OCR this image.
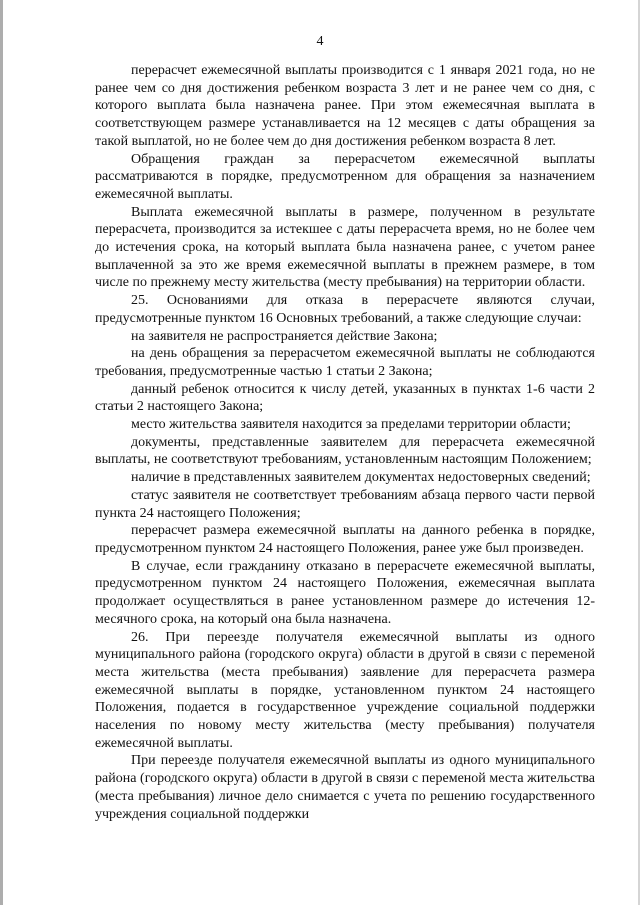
4

перерасчет ежемесячной выплаты производится с 1 января 2021 года, но не ранее чем со дня достижения ребенком возраста 3 лет и не ранее чем со дня, с которого выплата была назначена ранее. При этом ежемесячная выплата в соответствующем размере устанавливается на 12 месяцев с даты обращения за такой выплатой, но не более чем до дня достижения ребенком возраста 8 лет.

Обращения граждан за перерасчетом ежемесячной выплаты рассматриваются в порядке, предусмотренном для обращения за назначением ежемесячной выплаты.

Выплата ежемесячной выплаты в размере, полученном в результате перерасчета, производится за истекшее с даты перерасчета время, но не более чем до истечения срока, на который выплата была назначена ранее, с учетом ранее выплаченной за это же время ежемесячной выплаты в прежнем размере, в том числе по прежнему месту жительства (месту пребывания) на территории области.

25. Основаниями для отказа в перерасчете являются случаи, предусмотренные пунктом 16 Основных требований, а также следующие случаи:

на заявителя не распространяется действие Закона;

на день обращения за перерасчетом ежемесячной выплаты не соблюдаются требования, предусмотренные частью 1 статьи 2 Закона;

данный ребенок относится к числу детей, указанных в пунктах 1-6 части 2 статьи 2 настоящего Закона;

место жительства заявителя находится за пределами территории области;

документы, представленные заявителем для перерасчета ежемесячной выплаты, не соответствуют требованиям, установленным настоящим Положением;

наличие в представленных заявителем документах недостоверных сведений;

статус заявителя не соответствует требованиям абзаца первого части первой пункта 24 настоящего Положения;

перерасчет размера ежемесячной выплаты на данного ребенка в порядке, предусмотренном пунктом 24 настоящего Положения, ранее уже был произведен.

В случае, если гражданину отказано в перерасчете ежемесячной выплаты, предусмотренном пунктом 24 настоящего Положения, ежемесячная выплата продолжает осуществляться в ранее установленном размере до истечения 12-месячного срока, на который она была назначена.

26. При переезде получателя ежемесячной выплаты из одного муниципального района (городского округа) области в другой в связи с переменой места жительства (места пребывания) заявление для перерасчета размера ежемесячной выплаты в порядке, установленном пунктом 24 настоящего Положения, подается в государственное учреждение социальной поддержки населения по новому месту жительства (месту пребывания) получателя ежемесячной выплаты.

При переезде получателя ежемесячной выплаты из одного муниципального района (городского округа) области в другой в связи с переменой места жительства (места пребывания) личное дело снимается с учета по решению государственного учреждения социальной поддержки
